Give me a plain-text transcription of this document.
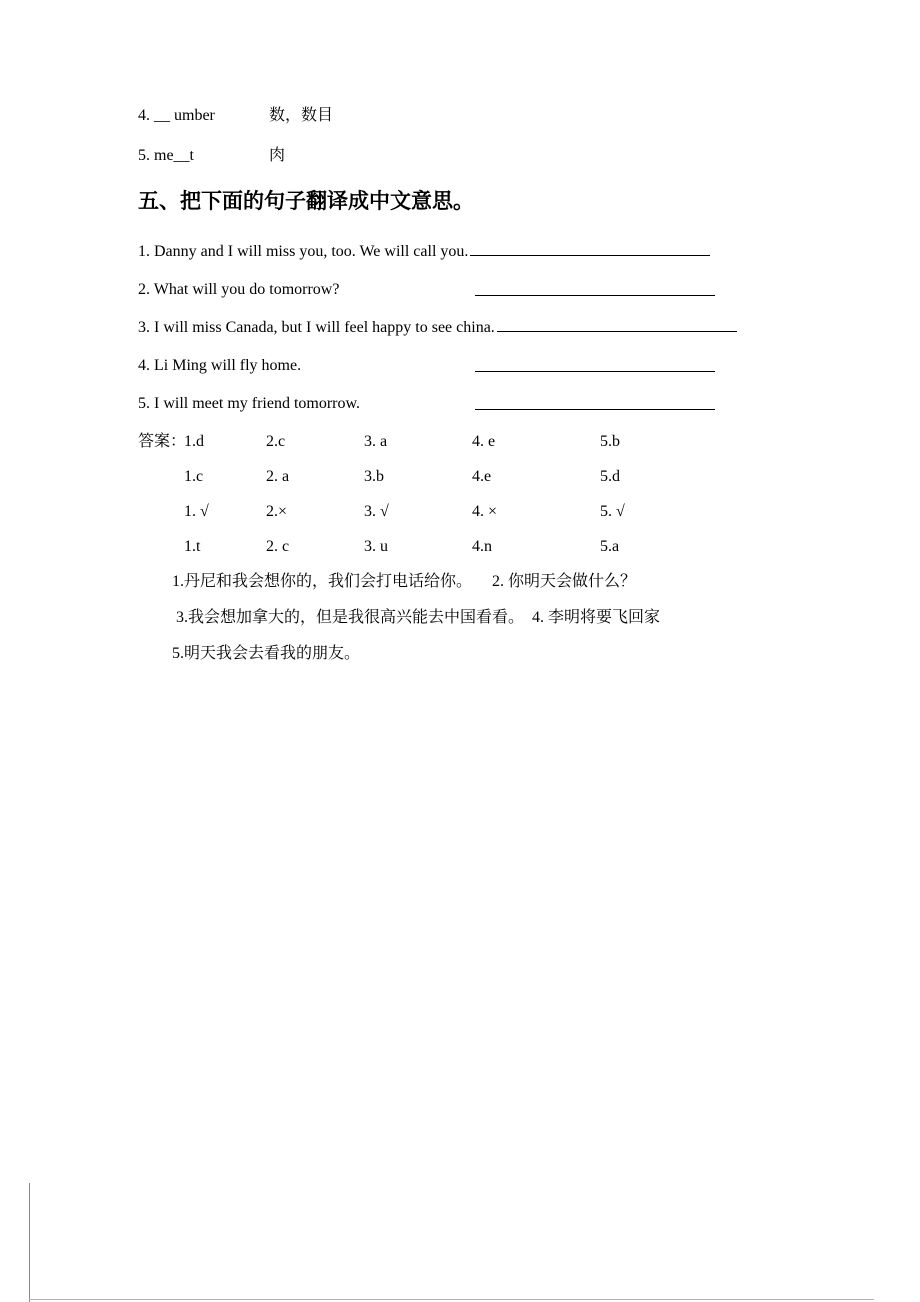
4. __ umber	数，数目
5. me__t	肉
五、把下面的句子翻译成中文意思。
1. Danny and I will miss you, too. We will call you.
2. What will you do tomorrow?
3. I will miss Canada, but I will feel happy to see china.
4. Li Ming will fly home.
5. I will meet my friend tomorrow.
答案：
1.d	2.c	3. a	4. e	5.b
1.c	2. a	3.b	4.e	5.d
1. √	2.×	3. √	4. ×	5. √
1.t	2. c	3. u	4.n	5.a

1.丹尼和我会想你的，我们会打电话给你。     2. 你明天会做什么？

3.我会想加拿大的，但是我很高兴能去中国看看。  4. 李明将要飞回家

5.明天我会去看我的朋友。
